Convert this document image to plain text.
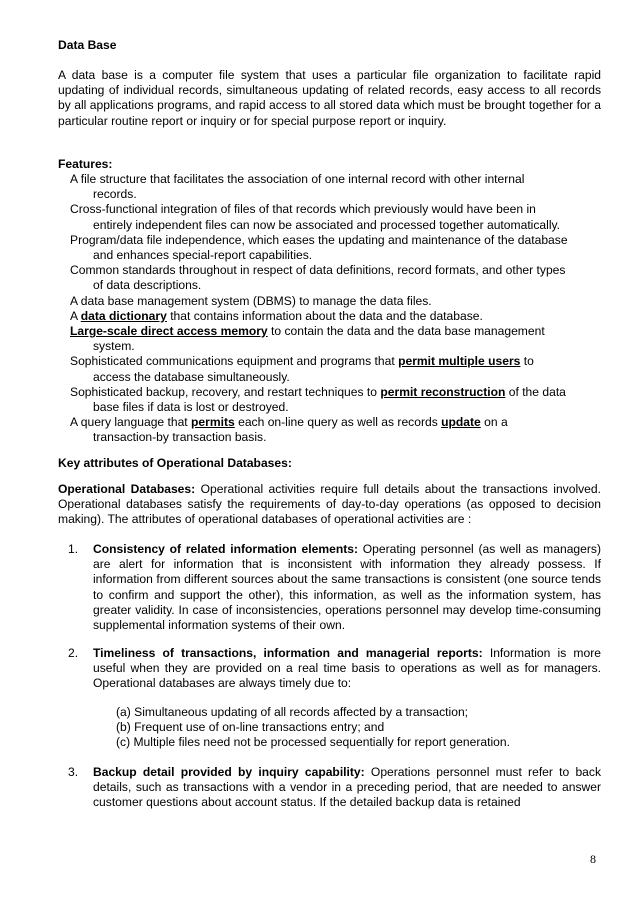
Data Base

A data base is a computer file system that uses a particular file organization to facilitate rapid updating of individual records, simultaneous updating of related records, easy access to all records by all applications programs, and rapid access to all stored data which must be brought together for a particular routine report or inquiry or for special purpose report or inquiry.

Features:
A file structure that facilitates the association of one internal record with other internal
records.
Cross-functional integration of files of that records which previously would have been in
entirely independent files can now be associated and processed together automatically.
Program/data file independence, which eases the updating and maintenance of the database
and enhances special-report capabilities.
Common standards throughout in respect of data definitions, record formats, and other types
of data descriptions.
A data base management system (DBMS) to manage the data files.
A data dictionary that contains information about the data and the database.
Large-scale direct access memory to contain the data and the data base management
system.
Sophisticated communications equipment and programs that permit multiple users to
access the database simultaneously.
Sophisticated backup, recovery, and restart techniques to permit reconstruction of the data
base files if data is lost or destroyed.
A query language that permits each on-line query as well as records update on a
transaction-by transaction basis.
Key attributes of Operational Databases:

Operational Databases: Operational activities require full details about the transactions involved. Operational databases satisfy the requirements of day-to-day operations (as opposed to decision making). The attributes of operational databases of operational activities are :

1.	Consistency of related information elements: Operating personnel (as well as managers) are alert for information that is inconsistent with information they already possess. If information from different sources about the same transactions is consistent (one source tends to confirm and support the other), this information, as well as the information system, has greater validity. In case of inconsistencies, operations personnel may develop time-consuming supplemental information systems of their own.

2.	Timeliness of transactions, information and managerial reports: Information is more useful when they are provided on a real time basis to operations as well as for managers. Operational databases are always timely due to:

(a) Simultaneous updating of all records affected by a transaction;
(b) Frequent use of on-line transactions entry; and
(c) Multiple files need not be processed sequentially for report generation.
3.	Backup detail provided by inquiry capability: Operations personnel must refer to back details, such as transactions with a vendor in a preceding period, that are needed to answer customer questions about account status. If the detailed backup data is retained

8
